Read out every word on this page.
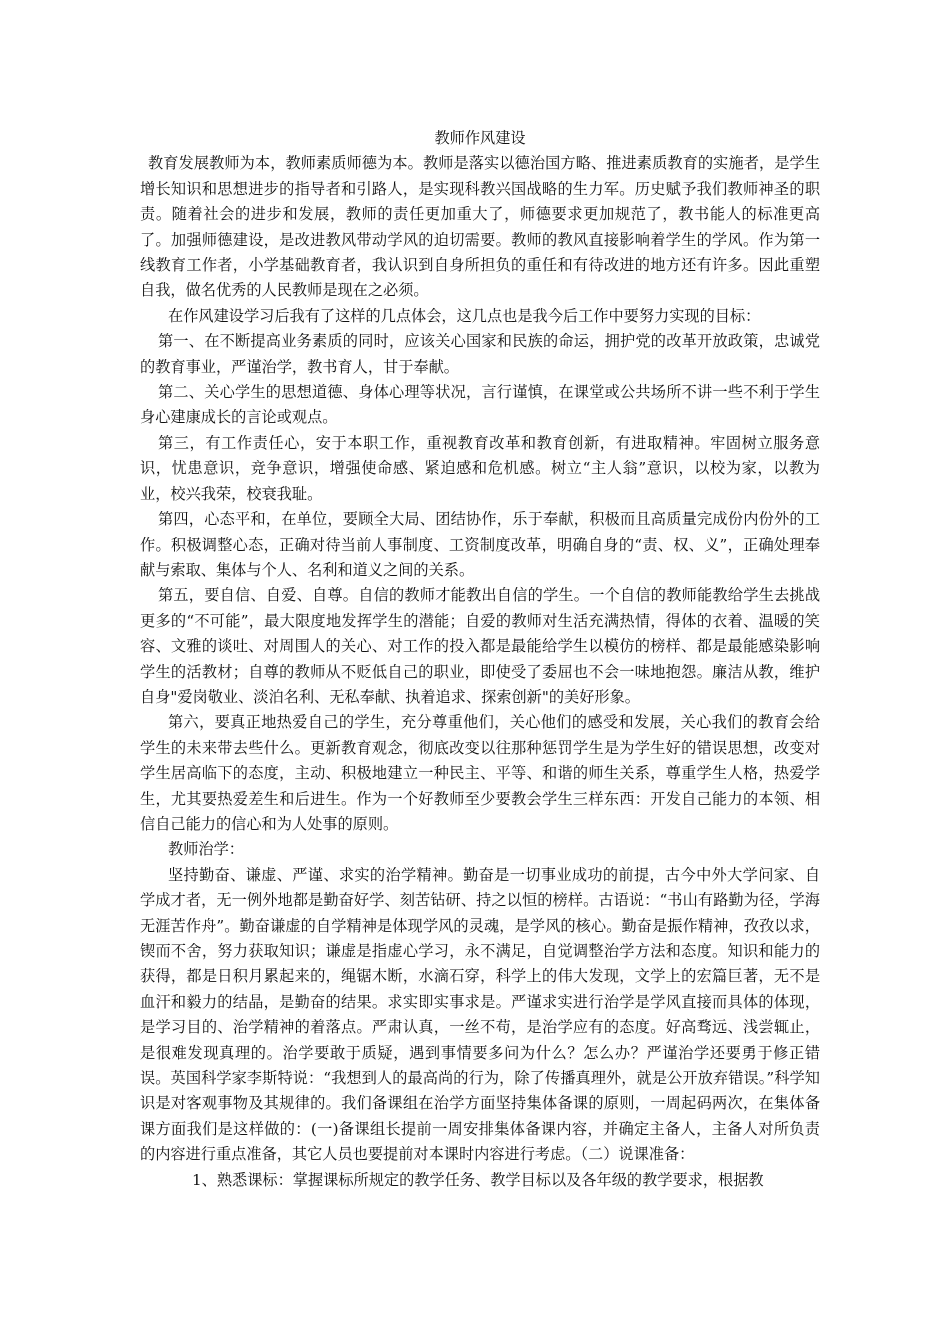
教师作风建设

教育发展教师为本，教师素质师德为本。教师是落实以德治国方略、推进素质教育的实施者，是学生增长知识和思想进步的指导者和引路人，是实现科教兴国战略的生力军。历史赋予我们教师神圣的职责。随着社会的进步和发展，教师的责任更加重大了，师德要求更加规范了，教书能人的标准更高了。加强师德建设，是改进教风带动学风的迫切需要。教师的教风直接影响着学生的学风。作为第一线教育工作者，小学基础教育者，我认识到自身所担负的重任和有待改进的地方还有许多。因此重塑自我，做名优秀的人民教师是现在之必须。

在作风建设学习后我有了这样的几点体会，这几点也是我今后工作中要努力实现的目标：

第一、在不断提高业务素质的同时，应该关心国家和民族的命运，拥护党的改革开放政策，忠诚党的教育事业，严谨治学，教书育人，甘于奉献。

第二、关心学生的思想道德、身体心理等状况，言行谨慎，在课堂或公共场所不讲一些不利于学生身心建康成长的言论或观点。

第三，有工作责任心，安于本职工作，重视教育改革和教育创新，有进取精神。牢固树立服务意识，忧患意识，竞争意识，增强使命感、紧迫感和危机感。树立“主人翁”意识，以校为家，以教为业，校兴我荣，校衰我耻。

第四，心态平和，在单位，要顾全大局、团结协作，乐于奉献，积极而且高质量完成份内份外的工作。积极调整心态，正确对待当前人事制度、工资制度改革，明确自身的“责、权、义”，正确处理奉献与索取、集体与个人、名利和道义之间的关系。

第五，要自信、自爱、自尊。自信的教师才能教出自信的学生。一个自信的教师能教给学生去挑战更多的“不可能”，最大限度地发挥学生的潜能；自爱的教师对生活充满热情，得体的衣着、温暖的笑容、文雅的谈吐、对周围人的关心、对工作的投入都是最能给学生以模仿的榜样、都是最能感染影响学生的活教材；自尊的教师从不贬低自己的职业，即使受了委屈也不会一味地抱怨。廉洁从教，维护自身"爱岗敬业、淡泊名利、无私奉献、执着追求、探索创新"的美好形象。

第六，要真正地热爱自己的学生，充分尊重他们，关心他们的感受和发展，关心我们的教育会给学生的未来带去些什么。更新教育观念，彻底改变以往那种惩罚学生是为学生好的错误思想，改变对学生居高临下的态度，主动、积极地建立一种民主、平等、和谐的师生关系，尊重学生人格，热爱学生，尤其要热爱差生和后进生。作为一个好教师至少要教会学生三样东西：开发自己能力的本领、相信自己能力的信心和为人处事的原则。

教师治学：

坚持勤奋、谦虚、严谨、求实的治学精神。勤奋是一切事业成功的前提，古今中外大学问家、自学成才者，无一例外地都是勤奋好学、刻苦钻研、持之以恒的榜样。古语说：“书山有路勤为径，学海无涯苦作舟”。勤奋谦虚的自学精神是体现学风的灵魂，是学风的核心。勤奋是振作精神，孜孜以求，锲而不舍，努力获取知识；谦虚是指虚心学习，永不满足，自觉调整治学方法和态度。知识和能力的获得，都是日积月累起来的，绳锯木断，水滴石穿，科学上的伟大发现，文学上的宏篇巨著，无不是血汗和毅力的结晶，是勤奋的结果。求实即实事求是。严谨求实进行治学是学风直接而具体的体现，是学习目的、治学精神的着落点。严肃认真，一丝不苟，是治学应有的态度。好高骛远、浅尝辄止，是很难发现真理的。治学要敢于质疑，遇到事情要多问为什么？怎么办？严谨治学还要勇于修正错误。英国科学家李斯特说：“我想到人的最高尚的行为，除了传播真理外，就是公开放弃错误。”科学知识是对客观事物及其规律的。我们备课组在治学方面坚持集体备课的原则，一周起码两次，在集体备课方面我们是这样做的：(一)备课组长提前一周安排集体备课内容，并确定主备人，主备人对所负责的内容进行重点准备，其它人员也要提前对本课时内容进行考虑。（二）说课准备：

1、熟悉课标：掌握课标所规定的教学任务、教学目标以及各年级的教学要求，根据教
